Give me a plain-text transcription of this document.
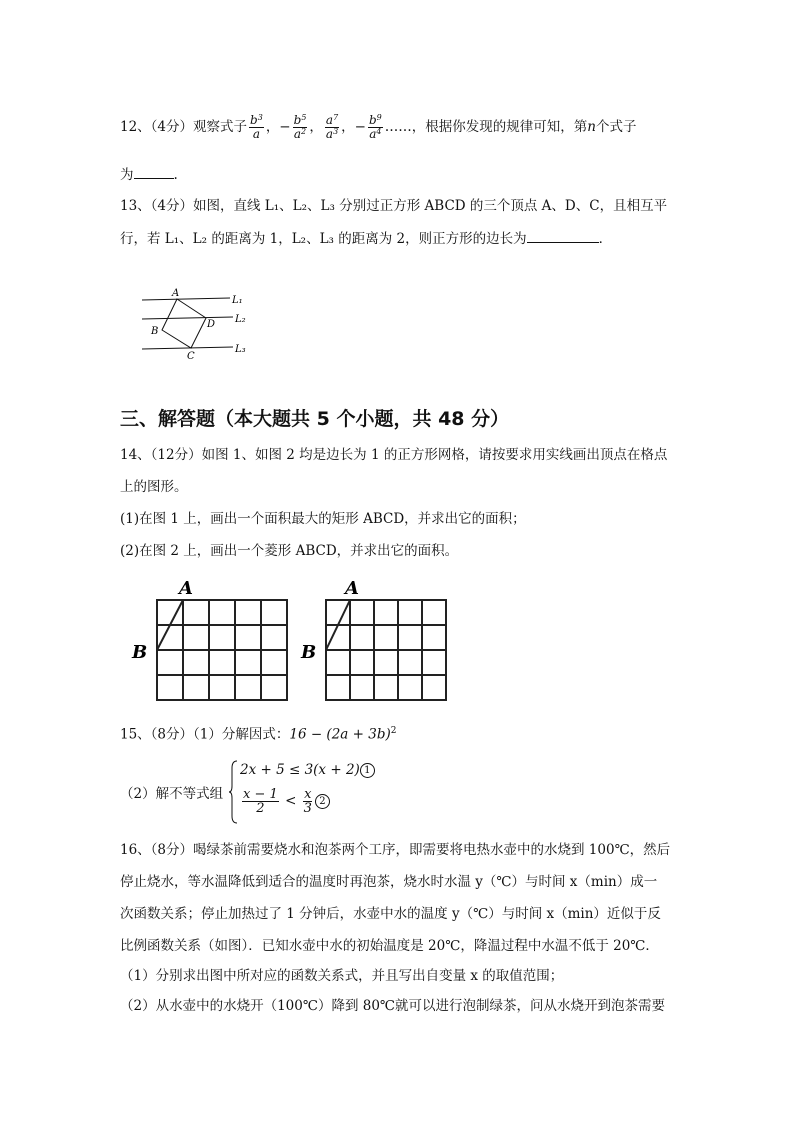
12、（4分）观察式子 $\frac{b^3}{a}$ ，− $\frac{b^5}{a^2}$ ， $\frac{a^7}{a^3}$ ，− $\frac{b^9}{a^4}$ ……，根据你发现的规律可知，第n个式子
为	.
13、（4分）如图，直线 L₁、L₂、L₃ 分别过正方形 ABCD 的三个顶点 A、D、C，且相互平
行，若 L₁、L₂ 的距离为 1，L₂、L₃ 的距离为 2，则正方形的边长为	．
A
D
B
C
L₁
L₂
L₃
三、解答题（本大题共 5 个小题，共 48 分）
14、（12分）如图 1、如图 2 均是边长为 1 的正方形网格，请按要求用实线画出顶点在格点
上的图形。
(1)在图 1 上，画出一个面积最大的矩形 ABCD，并求出它的面积；
(2)在图 2 上，画出一个菱形 ABCD，并求出它的面积。
A
B
A
B
15、（8分）（1）分解因式：$16 - (2a + 3b)^2$
（2）解不等式组
2x + 5 ≤ 3(x + 2) 1
$\frac{x - 1}{2} < \frac{x}{3} 2$
16、（8分）喝绿茶前需要烧水和泡茶两个工序，即需要将电热水壶中的水烧到 100℃，然后
停止烧水，等水温降低到适合的温度时再泡茶，烧水时水温 y（℃）与时间 x（min）成一
次函数关系；停止加热过了 1 分钟后，水壶中水的温度 y（℃）与时间 x（min）近似于反
比例函数关系（如图）．已知水壶中水的初始温度是 20℃，降温过程中水温不低于 20℃．
（1）分别求出图中所对应的函数关系式，并且写出自变量 x 的取值范围；
（2）从水壶中的水烧开（100℃）降到 80℃就可以进行泡制绿茶，问从水烧开到泡茶需要
